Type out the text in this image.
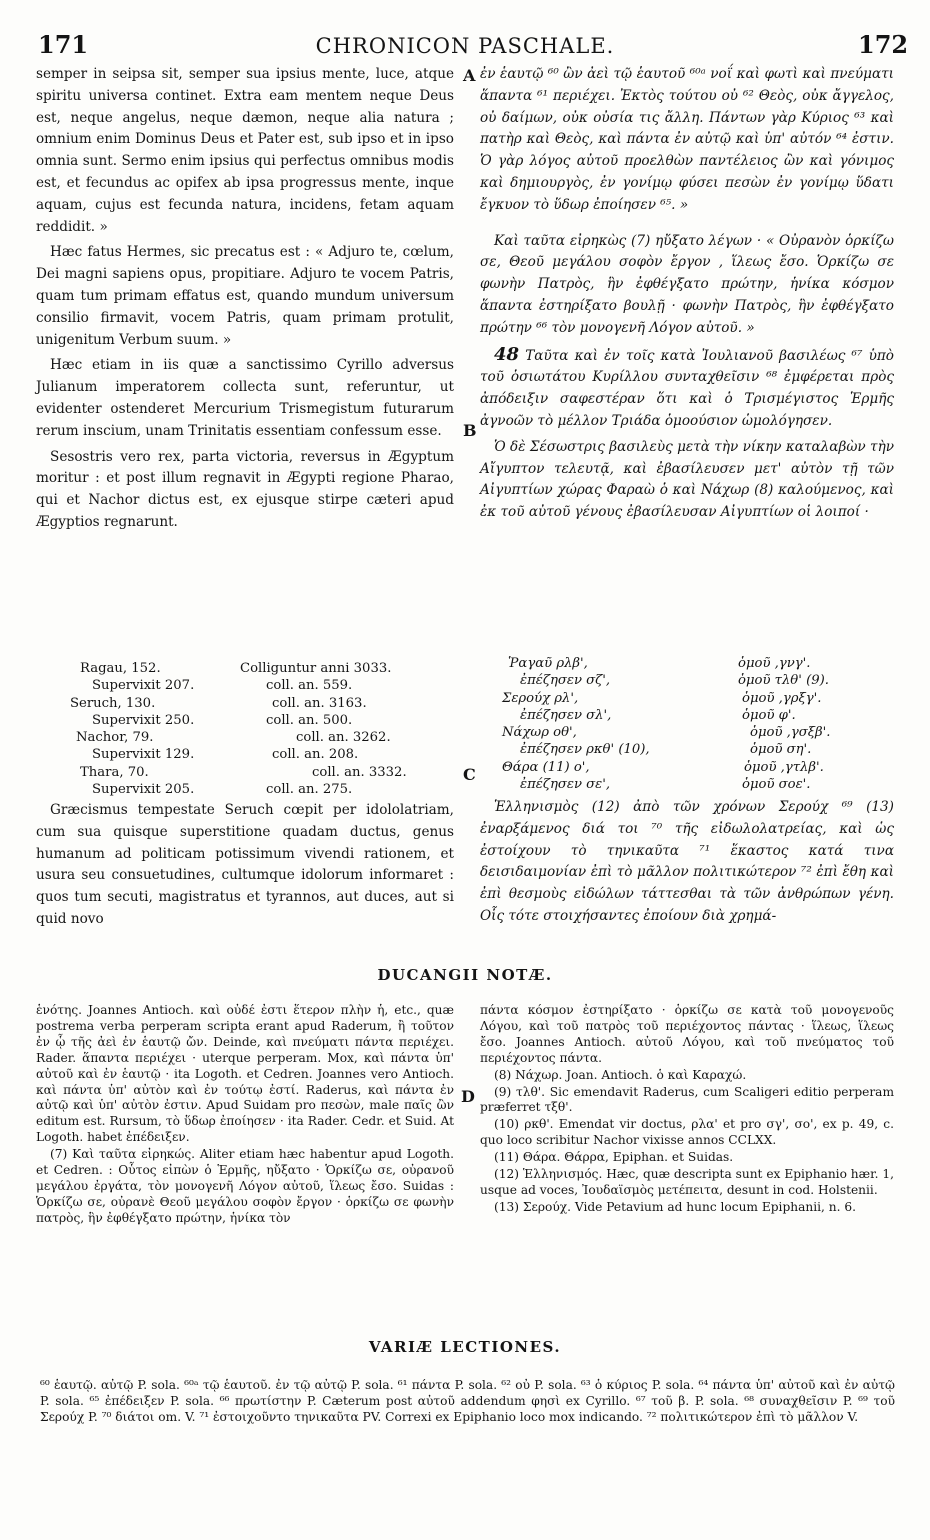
171	CHRONICON PASCHALE.	172
A
B
C
D

semper in seipsa sit, semper sua ipsius mente, luce, atque spiritu universa continet. Extra eam mentem neque Deus est, neque angelus, neque dæmon, neque alia natura ; omnium enim Dominus Deus et Pater est, sub ipso et in ipso omnia sunt. Sermo enim ipsius qui perfectus omnibus modis est, et fecundus ac opifex ab ipsa progressus mente, inque aquam, cujus est fecunda natura, incidens, fetam aquam reddidit. »

Hæc fatus Hermes, sic precatus est : « Adjuro te, cœlum, Dei magni sapiens opus, propitiare. Adjuro te vocem Patris, quam tum primam effatus est, quando mundum universum consilio firmavit, vocem Patris, quam primam protulit, unigenitum Verbum suum. »

Hæc etiam in iis quæ a sanctissimo Cyrillo adversus Julianum imperatorem collecta sunt, referuntur, ut evidenter ostenderet Mercurium Trismegistum futurarum rerum inscium, unam Trinitatis essentiam confessum esse.

Sesostris vero rex, parta victoria, reversus in Ægyptum moritur : et post illum regnavit in Ægypti regione Pharao, qui et Nachor dictus est, ex ejusque stirpe cæteri apud Ægyptios regnarunt.

Ragau, 152.	Colliguntur anni 3033.
Supervixit 207.	coll. an. 559.
Seruch, 130.	coll. an. 3163.
Supervixit 250.	coll. an. 500.
Nachor, 79.	coll. an. 3262.
Supervixit 129.	coll. an. 208.
Thara, 70.	coll. an. 3332.
Supervixit 205.	coll. an. 275.

Græcismus tempestate Seruch cœpit per idololatriam, cum sua quisque superstitione quadam ductus, genus humanum ad politicam potissimum vivendi rationem, et usura seu consuetudines, cultumque idolorum informaret : quos tum secuti, magistratus et tyrannos, aut duces, aut si quid novo

ἐν ἑαυτῷ ⁶⁰ ὢν ἀεὶ τῷ ἑαυτοῦ ⁶⁰ᵃ νοΐ καὶ φωτὶ καὶ πνεύματι ἅπαντα ⁶¹ περιέχει. Ἐκτὸς τούτου οὐ ⁶² Θεὸς, οὐκ ἄγγελος, οὐ δαίμων, οὐκ οὐσία τις ἄλλη. Πάντων γὰρ Κύριος ⁶³ καὶ πατὴρ καὶ Θεὸς, καὶ πάντα ἐν αὐτῷ καὶ ὑπ' αὐτόν ⁶⁴ ἐστιν. Ὁ γὰρ λόγος αὐτοῦ προελθὼν παντέλειος ὢν καὶ γόνιμος καὶ δημιουργὸς, ἐν γονίμῳ φύσει πεσὼν ἐν γονίμῳ ὕδατι ἔγκυον τὸ ὕδωρ ἐποίησεν ⁶⁵. »

Καὶ ταῦτα εἰρηκὼς (7) ηὔξατο λέγων · « Οὐρανὸν ὁρκίζω σε, Θεοῦ μεγάλου σοφὸν ἔργον , ἵλεως ἔσο. Ὁρκίζω σε φωνὴν Πατρὸς, ἣν ἐφθέγξατο πρώτην, ἡνίκα κόσμον ἅπαντα ἐστηρίξατο βουλῇ · φωνὴν Πατρὸς, ἣν ἐφθέγξατο πρώτην ⁶⁶ τὸν μονογενῆ Λόγον αὐτοῦ. »

48 Ταῦτα καὶ ἐν τοῖς κατὰ Ἰουλιανοῦ βασιλέως ⁶⁷ ὑπὸ τοῦ ὁσιωτάτου Κυρίλλου συνταχθεῖσιν ⁶⁸ ἐμφέρεται πρὸς ἀπόδειξιν σαφεστέραν ὅτι καὶ ὁ Τρισμέγιστος Ἑρμῆς ἀγνοῶν τὸ μέλλον Τριάδα ὁμοούσιον ὡμολόγησεν.

Ὁ δὲ Σέσωστρις βασιλεὺς μετὰ τὴν νίκην καταλαβὼν τὴν Αἴγυπτον τελευτᾷ, καὶ ἐβασίλευσεν μετ' αὐτὸν τῇ τῶν Αἰγυπτίων χώρας Φαραὼ ὁ καὶ Νάχωρ (8) καλούμενος, καὶ ἐκ τοῦ αὐτοῦ γένους ἐβασίλευσαν Αἰγυπτίων οἱ λοιποί ·

Ῥαγαῦ ρλβ',	ὁμοῦ ,γνγ'.
ἐπέζησεν σζ',	ὁμοῦ τλθ' (9).
Σερούχ ρλ',	ὁμοῦ ,γρξγ'.
ἐπέζησεν σλ',	ὁμοῦ φ'.
Νάχωρ οθ',	ὁμοῦ ,γσξβ'.
ἐπέζησεν ρκθ' (10),	ὁμοῦ ση'.
Θάρα (11) ο',	ὁμοῦ ,γτλβ'.
ἐπέζησεν σε',	ὁμοῦ σοε'.

Ἑλληνισμὸς (12) ἀπὸ τῶν χρόνων Σερούχ ⁶⁹ (13) ἐναρξάμενος διά τοι ⁷⁰ τῆς εἰδωλολατρείας, καὶ ὡς ἐστοίχουν τὸ τηνικαῦτα ⁷¹ ἕκαστος κατά τινα δεισιδαιμονίαν ἐπὶ τὸ μᾶλλον πολιτικώτερον ⁷² ἐπὶ ἔθη καὶ ἐπὶ θεσμοὺς εἰδώλων τάττεσθαι τὰ τῶν ἀνθρώπων γένη. Οἷς τότε στοιχήσαντες ἐποίουν διὰ χρημά-

DUCANGII NOTÆ.

ἑνότης. Joannes Antioch. καὶ οὐδέ ἐστι ἕτερον πλὴν ἡ, etc., quæ postrema verba perperam scripta erant apud Raderum, ἢ τοῦτον ἐν ᾧ τῆς ἀεὶ ἐν ἑαυτῷ ὤν. Deinde, καὶ πνεύματι πάντα περιέχει. Rader. ἅπαντα περιέχει · uterque perperam. Mox, καὶ πάντα ὑπ' αὐτοῦ καὶ ἐν ἑαυτῷ · ita Logoth. et Cedren. Joannes vero Antioch. καὶ πάντα ὑπ' αὐτὸν καὶ ἐν τούτῳ ἐστί. Raderus, καὶ πάντα ἐν αὐτῷ καὶ ὑπ' αὐτὸν ἐστιν. Apud Suidam pro πεσὼν, male παῖς ὢν editum est. Rursum, τὸ ὕδωρ ἐποίησεν · ita Rader. Cedr. et Suid. At Logoth. habet ἐπέδειξεν.

(7) Καὶ ταῦτα εἰρηκώς. Aliter etiam hæc habentur apud Logoth. et Cedren. : Οὗτος εἰπὼν ὁ Ἑρμῆς, ηὔξατο · Ὁρκίζω σε, οὐρανοῦ μεγάλου ἐργάτα, τὸν μονογενῆ Λόγον αὐτοῦ, ἵλεως ἔσο. Suidas : Ὁρκίζω σε, οὐρανὲ Θεοῦ μεγάλου σοφὸν ἔργον · ὁρκίζω σε φωνὴν πατρὸς, ἣν ἐφθέγξατο πρώτην, ἡνίκα τὸν

πάντα κόσμον ἐστηρίξατο · ὁρκίζω σε κατὰ τοῦ μονογενοῦς Λόγου, καὶ τοῦ πατρὸς τοῦ περιέχοντος πάντας · ἵλεως, ἵλεως ἔσο. Joannes Antioch. αὐτοῦ Λόγου, καὶ τοῦ πνεύματος τοῦ περιέχοντος πάντα.

(8) Νάχωρ. Joan. Antioch. ὁ καὶ Καραχώ.

(9) τλθ'. Sic emendavit Raderus, cum Scaligeri editio perperam præferret τξθ'.

(10) ρκθ'. Emendat vir doctus, ρλα' et pro σγ', σο', ex p. 49, c. quo loco scribitur Nachor vixisse annos CCLXX.

(11) Θάρα. Θάρρα, Epiphan. et Suidas.

(12) Ἑλληνισμός. Hæc, quæ descripta sunt ex Epiphanio hær. 1, usque ad voces, Ἰουδαϊσμὸς μετέπειτα, desunt in cod. Holstenii.

(13) Σερούχ. Vide Petavium ad hunc locum Epiphanii, n. 6.

VARIÆ LECTIONES.
⁶⁰ ἑαυτῷ. αὐτῷ P. sola. ⁶⁰ᵃ τῷ ἑαυτοῦ. ἐν τῷ αὐτῷ P. sola. ⁶¹ πάντα P. sola. ⁶² οὐ P. sola. ⁶³ ὁ κύριος P. sola. ⁶⁴ πάντα ὑπ' αὐτοῦ καὶ ἐν αὐτῷ P. sola. ⁶⁵ ἐπέδειξεν P. sola. ⁶⁶ πρωτίστην P. Cæterum post αὐτοῦ addendum φησὶ ex Cyrillo. ⁶⁷ τοῦ β. P. sola. ⁶⁸ συναχθεῖσιν P. ⁶⁹ τοῦ Σερούχ P. ⁷⁰ διάτοι om. V. ⁷¹ ἐστοιχοῦντο τηνικαῦτα PV. Correxi ex Epiphanio loco mox indicando. ⁷² πολιτικώτερον ἐπὶ τὸ μᾶλλον V.
